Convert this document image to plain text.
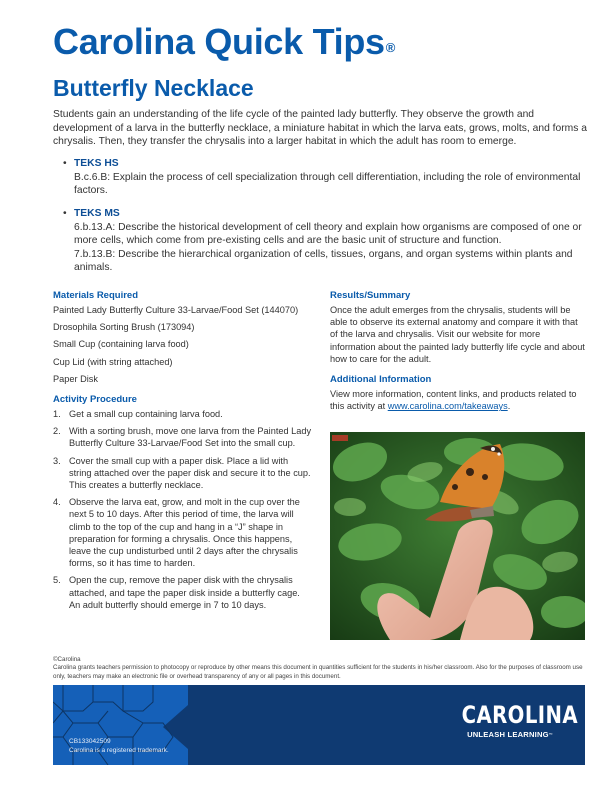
Carolina Quick Tips®
Butterfly Necklace
Students gain an understanding of the life cycle of the painted lady butterfly. They observe the growth and development of a larva in the butterfly necklace, a miniature habitat in which the larva eats, grows, molts, and forms a chrysalis. Then, they transfer the chrysalis into a larger habitat in which the adult has room to emerge.
• TEKS HS
B.c.6.B: Explain the process of cell specialization through cell differentiation, including the role of environmental factors.
• TEKS MS
6.b.13.A: Describe the historical development of cell theory and explain how organisms are composed of one or more cells, which come from pre-existing cells and are the basic unit of structure and function.
7.b.13.B: Describe the hierarchical organization of cells, tissues, organs, and organ systems within plants and animals.
Materials Required
Painted Lady Butterfly Culture 33-Larvae/Food Set (144070)
Drosophila Sorting Brush (173094)
Small Cup (containing larva food)
Cup Lid (with string attached)
Paper Disk
Activity Procedure
1. Get a small cup containing larva food.
2. With a sorting brush, move one larva from the Painted Lady Butterfly Culture 33-Larvae/Food Set into the small cup.
3. Cover the small cup with a paper disk. Place a lid with string attached over the paper disk and secure it to the cup. This creates a butterfly necklace.
4. Observe the larva eat, grow, and molt in the cup over the next 5 to 10 days. After this period of time, the larva will climb to the top of the cup and hang in a “J” shape in preparation for forming a chrysalis. Once this happens, leave the cup undisturbed until 2 days after the chrysalis forms, so it has time to harden.
5. Open the cup, remove the paper disk with the chrysalis attached, and tape the paper disk inside a butterfly cage. An adult butterfly should emerge in 7 to 10 days.
Results/Summary
Once the adult emerges from the chrysalis, students will be able to observe its external anatomy and compare it with that of the larva and chrysalis. Visit our website for more information about the painted lady butterfly life cycle and about how to care for the adult.
Additional Information
View more information, content links, and products related to this activity at www.carolina.com/takeaways.
©Carolina
Carolina grants teachers permission to photocopy or reproduce by other means this document in quantities sufficient for the students in his/her classroom. Also for the purposes of classroom use only, teachers may make an electronic file or overhead transparency of any or all pages in this document.
CB133042509
Carolina is a registered trademark.
CAROLINA
UNLEASH LEARNING™
